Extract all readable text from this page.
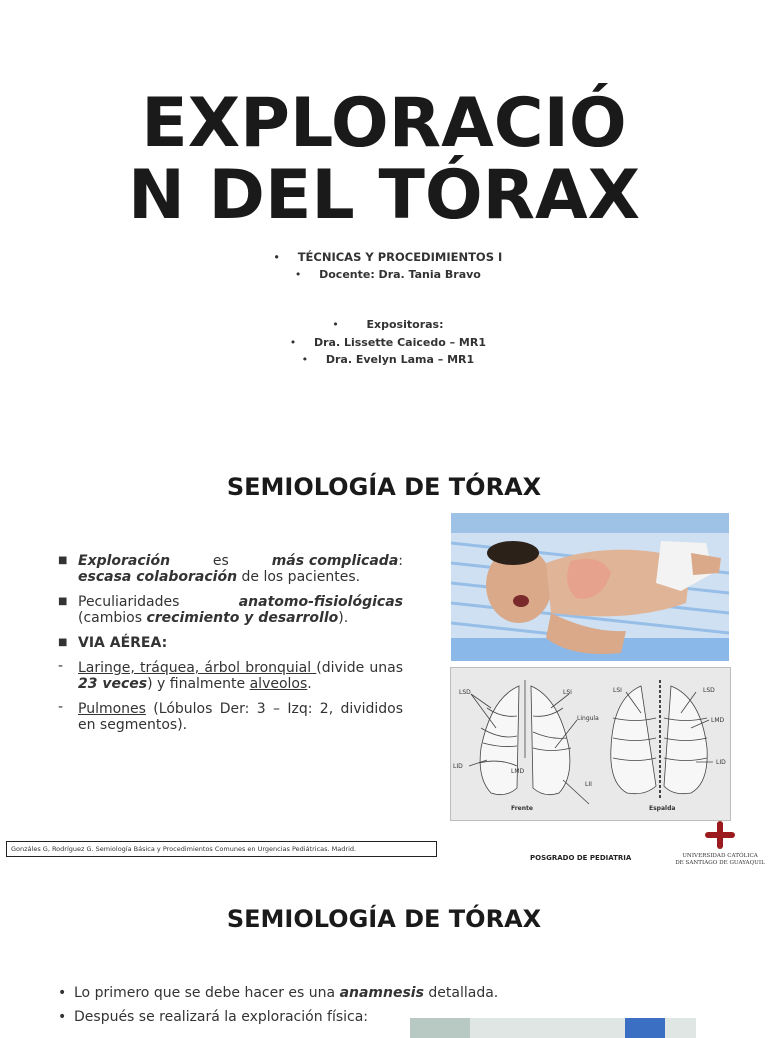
EXPLORACIÓ
N DEL TÓRAX
• TÉCNICAS Y PROCEDIMIENTOS I
• Docente: Dra. Tania Bravo
•	Expositoras:
• Dra. Lissette Caicedo – MR1
• Dra. Evelyn Lama – MR1
SEMIOLOGÍA DE TÓRAX
■ Exploración	es	más complicada:
escasa colaboración de los pacientes.
■ Peculiaridades	anatomo-fisiológicas
(cambios crecimiento y desarrollo).
■ VIA AÉREA:
- Laringe, tráquea, árbol bronquial (divide unas 23 veces) y finalmente alveolos.
- Pulmones (Lóbulos Der: 3 – Izq: 2, divididos en segmentos).
LSD	LSI
Lingula
LMD
LID
LII
LSI	LSD
LMD
LID
Frente	Espalda
Gonzáles G, Rodríguez G. Semiología Básica y Procedimientos Comunes en Urgencias Pediátricas. Madrid.
POSGRADO DE PEDIATRIA	UNIVERSIDAD CATÓLICA
DE SANTIAGO DE GUAYAQUIL
SEMIOLOGÍA DE TÓRAX
• Lo primero que se debe hacer es una anamnesis detallada.
• Después se realizará la exploración física:
